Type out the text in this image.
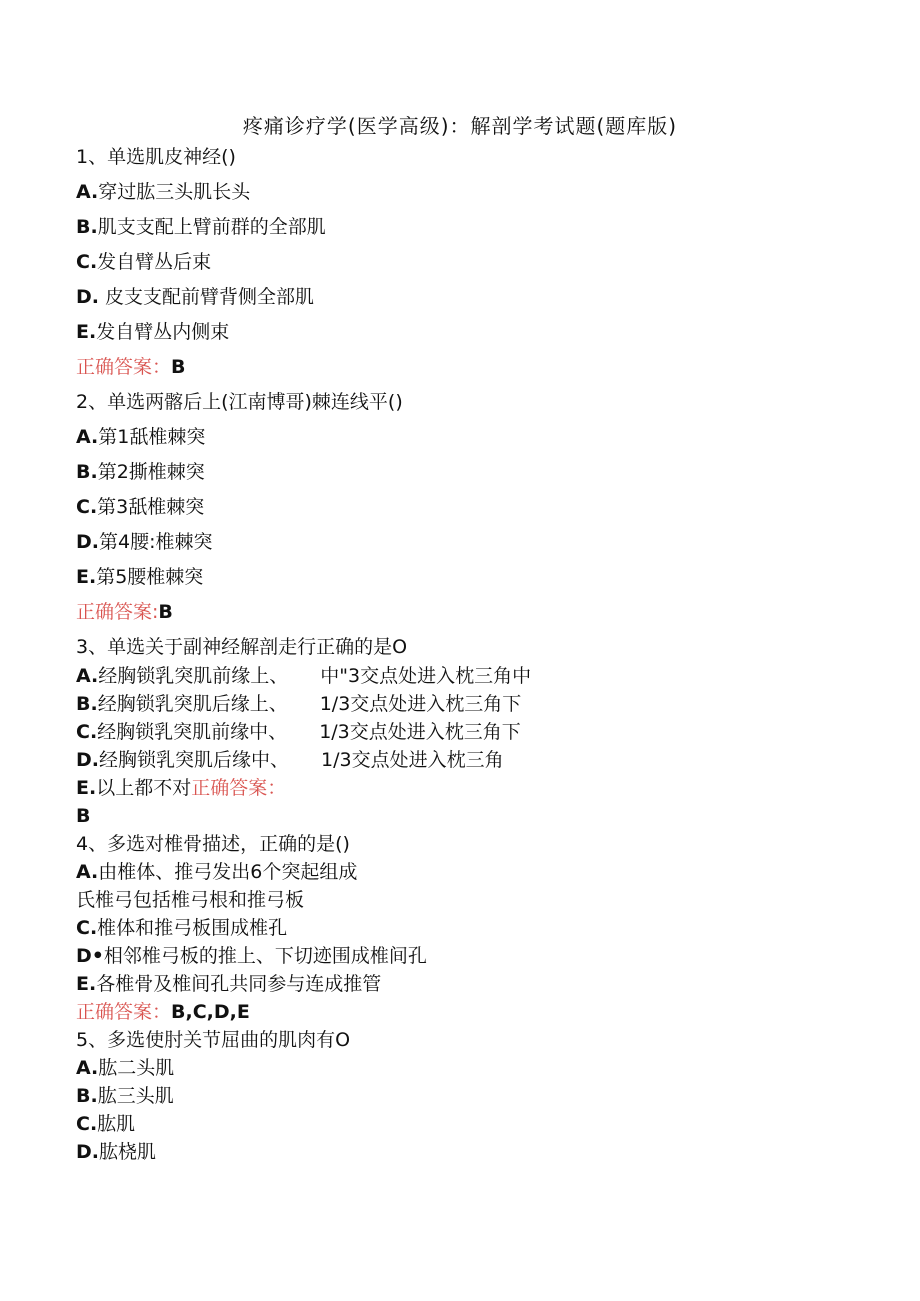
疼痛诊疗学(医学高级)：解剖学考试题(题库版)
1、单选肌皮神经()
A.穿过肱三头肌长头
B.肌支支配上臂前群的全部肌
C.发自臂丛后束
D. 皮支支配前臂背侧全部肌
E.发自臂丛内侧束
正确答案：B
2、单选两髂后上(江南博哥)棘连线平()
A.第1舐椎棘突
B.第2撕椎棘突
C.第3舐椎棘突
D.第4腰:椎棘突
E.第5腰椎棘突
正确答案:B
3、单选关于副神经解剖走行正确的是O
A.经胸锁乳突肌前缘上、 中"3交点处进入枕三角中
B.经胸锁乳突肌后缘上、 1/3交点处进入枕三角下
C.经胸锁乳突肌前缘中、 1/3交点处进入枕三角下
D.经胸锁乳突肌后缘中、 1/3交点处进入枕三角
E.以上都不对正确答案：
B
4、多选对椎骨描述，正确的是()
A.由椎体、推弓发出6个突起组成
氏椎弓包括椎弓根和推弓板
C.椎体和推弓板围成椎孔
D•相邻椎弓板的推上、下切迹围成椎间孔
E.各椎骨及椎间孔共同参与连成推管
正确答案：B,C,D,E
5、多选使肘关节屈曲的肌肉有O
A.肱二头肌
B.肱三头肌
C.肱肌
D.肱桡肌
